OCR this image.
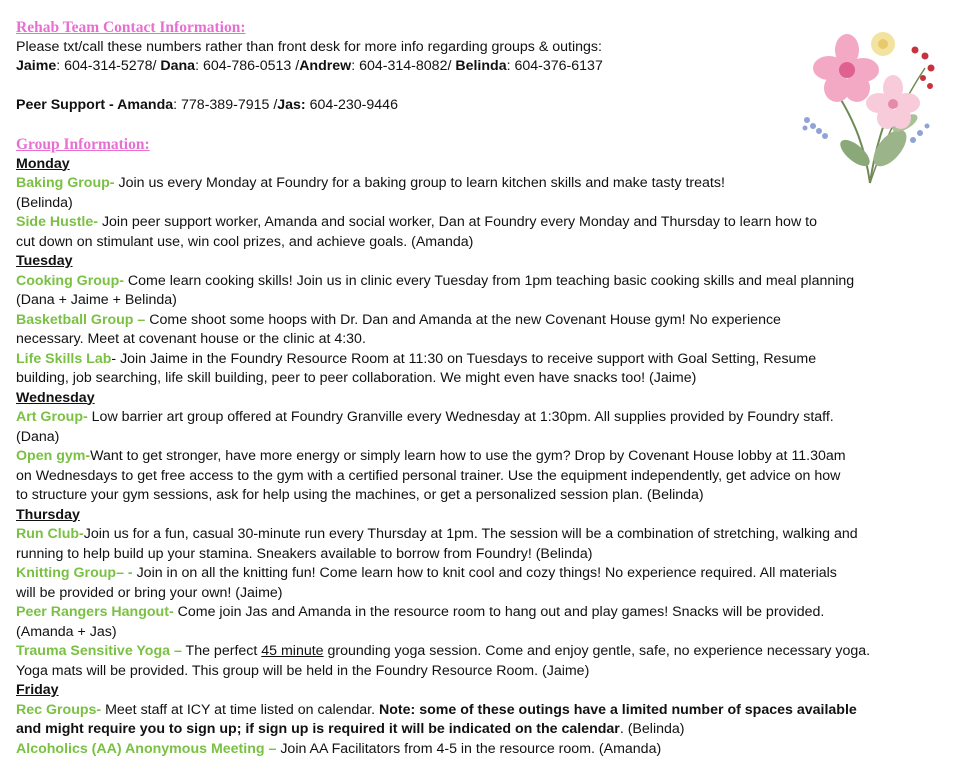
Rehab Team Contact Information:
Please txt/call these numbers rather than front desk for more info regarding groups & outings:
Jaime: 604-314-5278/ Dana: 604-786-0513 /Andrew: 604-314-8082/ Belinda: 604-376-6137
Peer Support - Amanda: 778-389-7915 /Jas: 604-230-9446
Group Information:
Monday
Baking Group- Join us every Monday at Foundry for a baking group to learn kitchen skills and make tasty treats!
(Belinda)
Side Hustle- Join peer support worker, Amanda and social worker, Dan at Foundry every Monday and Thursday to learn how to
cut down on stimulant use, win cool prizes, and achieve goals. (Amanda)
Tuesday
Cooking Group- Come learn cooking skills! Join us in clinic every Tuesday from 1pm teaching basic cooking skills and meal planning
(Dana + Jaime + Belinda)
Basketball Group – Come shoot some hoops with Dr. Dan and Amanda at the new Covenant House gym! No experience
necessary. Meet at covenant house or the clinic at 4:30.
Life Skills Lab- Join Jaime in the Foundry Resource Room at 11:30 on Tuesdays to receive support with Goal Setting, Resume
building, job searching, life skill building, peer to peer collaboration. We might even have snacks too! (Jaime)
Wednesday
Art Group- Low barrier art group offered at Foundry Granville every Wednesday at 1:30pm. All supplies provided by Foundry staff.
(Dana)
Open gym-Want to get stronger, have more energy or simply learn how to use the gym? Drop by Covenant House lobby at 11.30am
on Wednesdays to get free access to the gym with a certified personal trainer. Use the equipment independently, get advice on how
to structure your gym sessions, ask for help using the machines, or get a personalized session plan. (Belinda)
Thursday
Run Club-Join us for a fun, casual 30-minute run every Thursday at 1pm. The session will be a combination of stretching, walking and
running to help build up your stamina. Sneakers available to borrow from Foundry! (Belinda)
Knitting Group– - Join in on all the knitting fun! Come learn how to knit cool and cozy things! No experience required. All materials
will be provided or bring your own! (Jaime)
Peer Rangers Hangout- Come join Jas and Amanda in the resource room to hang out and play games! Snacks will be provided.
(Amanda + Jas)
Trauma Sensitive Yoga – The perfect 45 minute grounding yoga session. Come and enjoy gentle, safe, no experience necessary yoga.
Yoga mats will be provided. This group will be held in the Foundry Resource Room. (Jaime)
Friday
Rec Groups- Meet staff at ICY at time listed on calendar. Note: some of these outings have a limited number of spaces available
and might require you to sign up; if sign up is required it will be indicated on the calendar. (Belinda)
Alcoholics (AA) Anonymous Meeting – Join AA Facilitators from 4-5 in the resource room. (Amanda)
